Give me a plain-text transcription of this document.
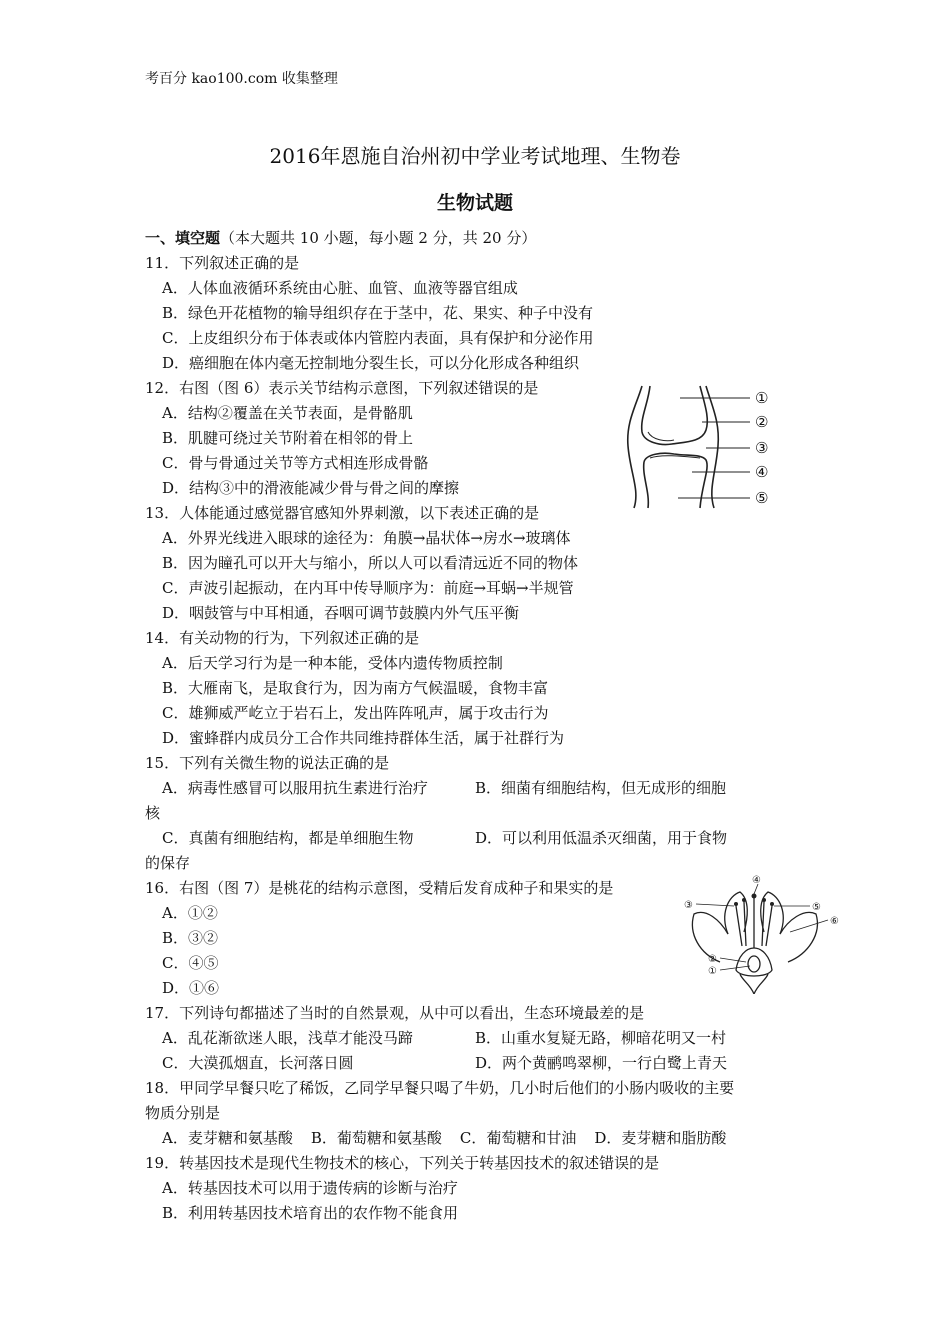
考百分 kao100.com 收集整理
2016年恩施自治州初中学业考试地理、生物卷
生物试题
一、填空题（本大题共 10 小题，每小题 2 分，共 20 分）
11．下列叙述正确的是
A．人体血液循环系统由心脏、血管、血液等器官组成
B．绿色开花植物的输导组织存在于茎中，花、果实、种子中没有
C．上皮组织分布于体表或体内管腔内表面，具有保护和分泌作用
D．癌细胞在体内毫无控制地分裂生长，可以分化形成各种组织
12．右图（图 6）表示关节结构示意图，下列叙述错误的是
A．结构②覆盖在关节表面，是骨骼肌
B．肌腱可绕过关节附着在相邻的骨上
C．骨与骨通过关节等方式相连形成骨骼
D．结构③中的滑液能减少骨与骨之间的摩擦
13．人体能通过感觉器官感知外界刺激，以下表述正确的是
A．外界光线进入眼球的途径为：角膜→晶状体→房水→玻璃体
B．因为瞳孔可以开大与缩小，所以人可以看清远近不同的物体
C．声波引起振动，在内耳中传导顺序为：前庭→耳蜗→半规管
D．咽鼓管与中耳相通，吞咽可调节鼓膜内外气压平衡
14．有关动物的行为，下列叙述正确的是
A．后天学习行为是一种本能，受体内遗传物质控制
B．大雁南飞，是取食行为，因为南方气候温暖，食物丰富
C．雄狮威严屹立于岩石上，发出阵阵吼声，属于攻击行为
D．蜜蜂群内成员分工合作共同维持群体生活，属于社群行为
15．下列有关微生物的说法正确的是
A．病毒性感冒可以服用抗生素进行治疗	B．细菌有细胞结构，但无成形的细胞
核
C．真菌有细胞结构，都是单细胞生物	D．可以利用低温杀灭细菌，用于食物
的保存
16．右图（图 7）是桃花的结构示意图，受精后发育成种子和果实的是
A．①②
B．③②
C．④⑤
D．①⑥
17．下列诗句都描述了当时的自然景观，从中可以看出，生态环境最差的是
A．乱花渐欲迷人眼，浅草才能没马蹄	B．山重水复疑无路，柳暗花明又一村
C．大漠孤烟直，长河落日圆	D．两个黄鹂鸣翠柳，一行白鹭上青天
18．甲同学早餐只吃了稀饭，乙同学早餐只喝了牛奶，几小时后他们的小肠内吸收的主要
物质分别是
A．麦芽糖和氨基酸 B．葡萄糖和氨基酸 C．葡萄糖和甘油 D．麦芽糖和脂肪酸
19．转基因技术是现代生物技术的核心，下列关于转基因技术的叙述错误的是
A．转基因技术可以用于遗传病的诊断与治疗
B．利用转基因技术培育出的农作物不能食用
①
②
③
④
⑤
④
③	⑤
⑥
②
①
